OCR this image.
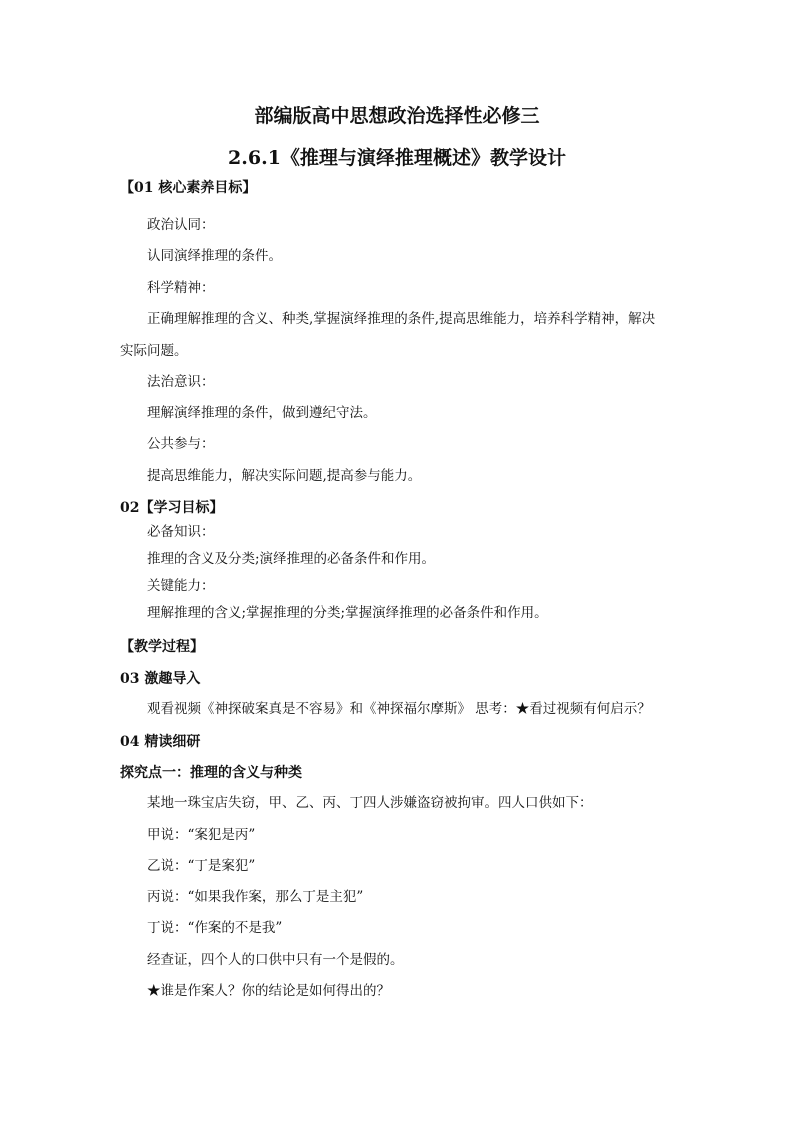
部编版高中思想政治选择性必修三
2.6.1《推理与演绎推理概述》教学设计
【01 核心素养目标】
政治认同：
认同演绎推理的条件。
科学精神：
正确理解推理的含义、种类,掌握演绎推理的条件,提高思维能力，培养科学精神，解决
实际问题。
法治意识：
理解演绎推理的条件，做到遵纪守法。
公共参与：
提高思维能力，解决实际问题,提高参与能力。
02【学习目标】
必备知识：
推理的含义及分类;演绎推理的必备条件和作用。
关键能力：
理解推理的含义;掌握推理的分类;掌握演绎推理的必备条件和作用。
【教学过程】
03 激趣导入
观看视频《神探破案真是不容易》和《神探福尔摩斯》 思考：★看过视频有何启示？
04 精读细研
探究点一：推理的含义与种类
某地一珠宝店失窃，甲、乙、丙、丁四人涉嫌盗窃被拘审。四人口供如下：
甲说：“案犯是丙”
乙说：“丁是案犯”
丙说：“如果我作案，那么丁是主犯”
丁说：“作案的不是我”
经查证，四个人的口供中只有一个是假的。
★谁是作案人？你的结论是如何得出的？
